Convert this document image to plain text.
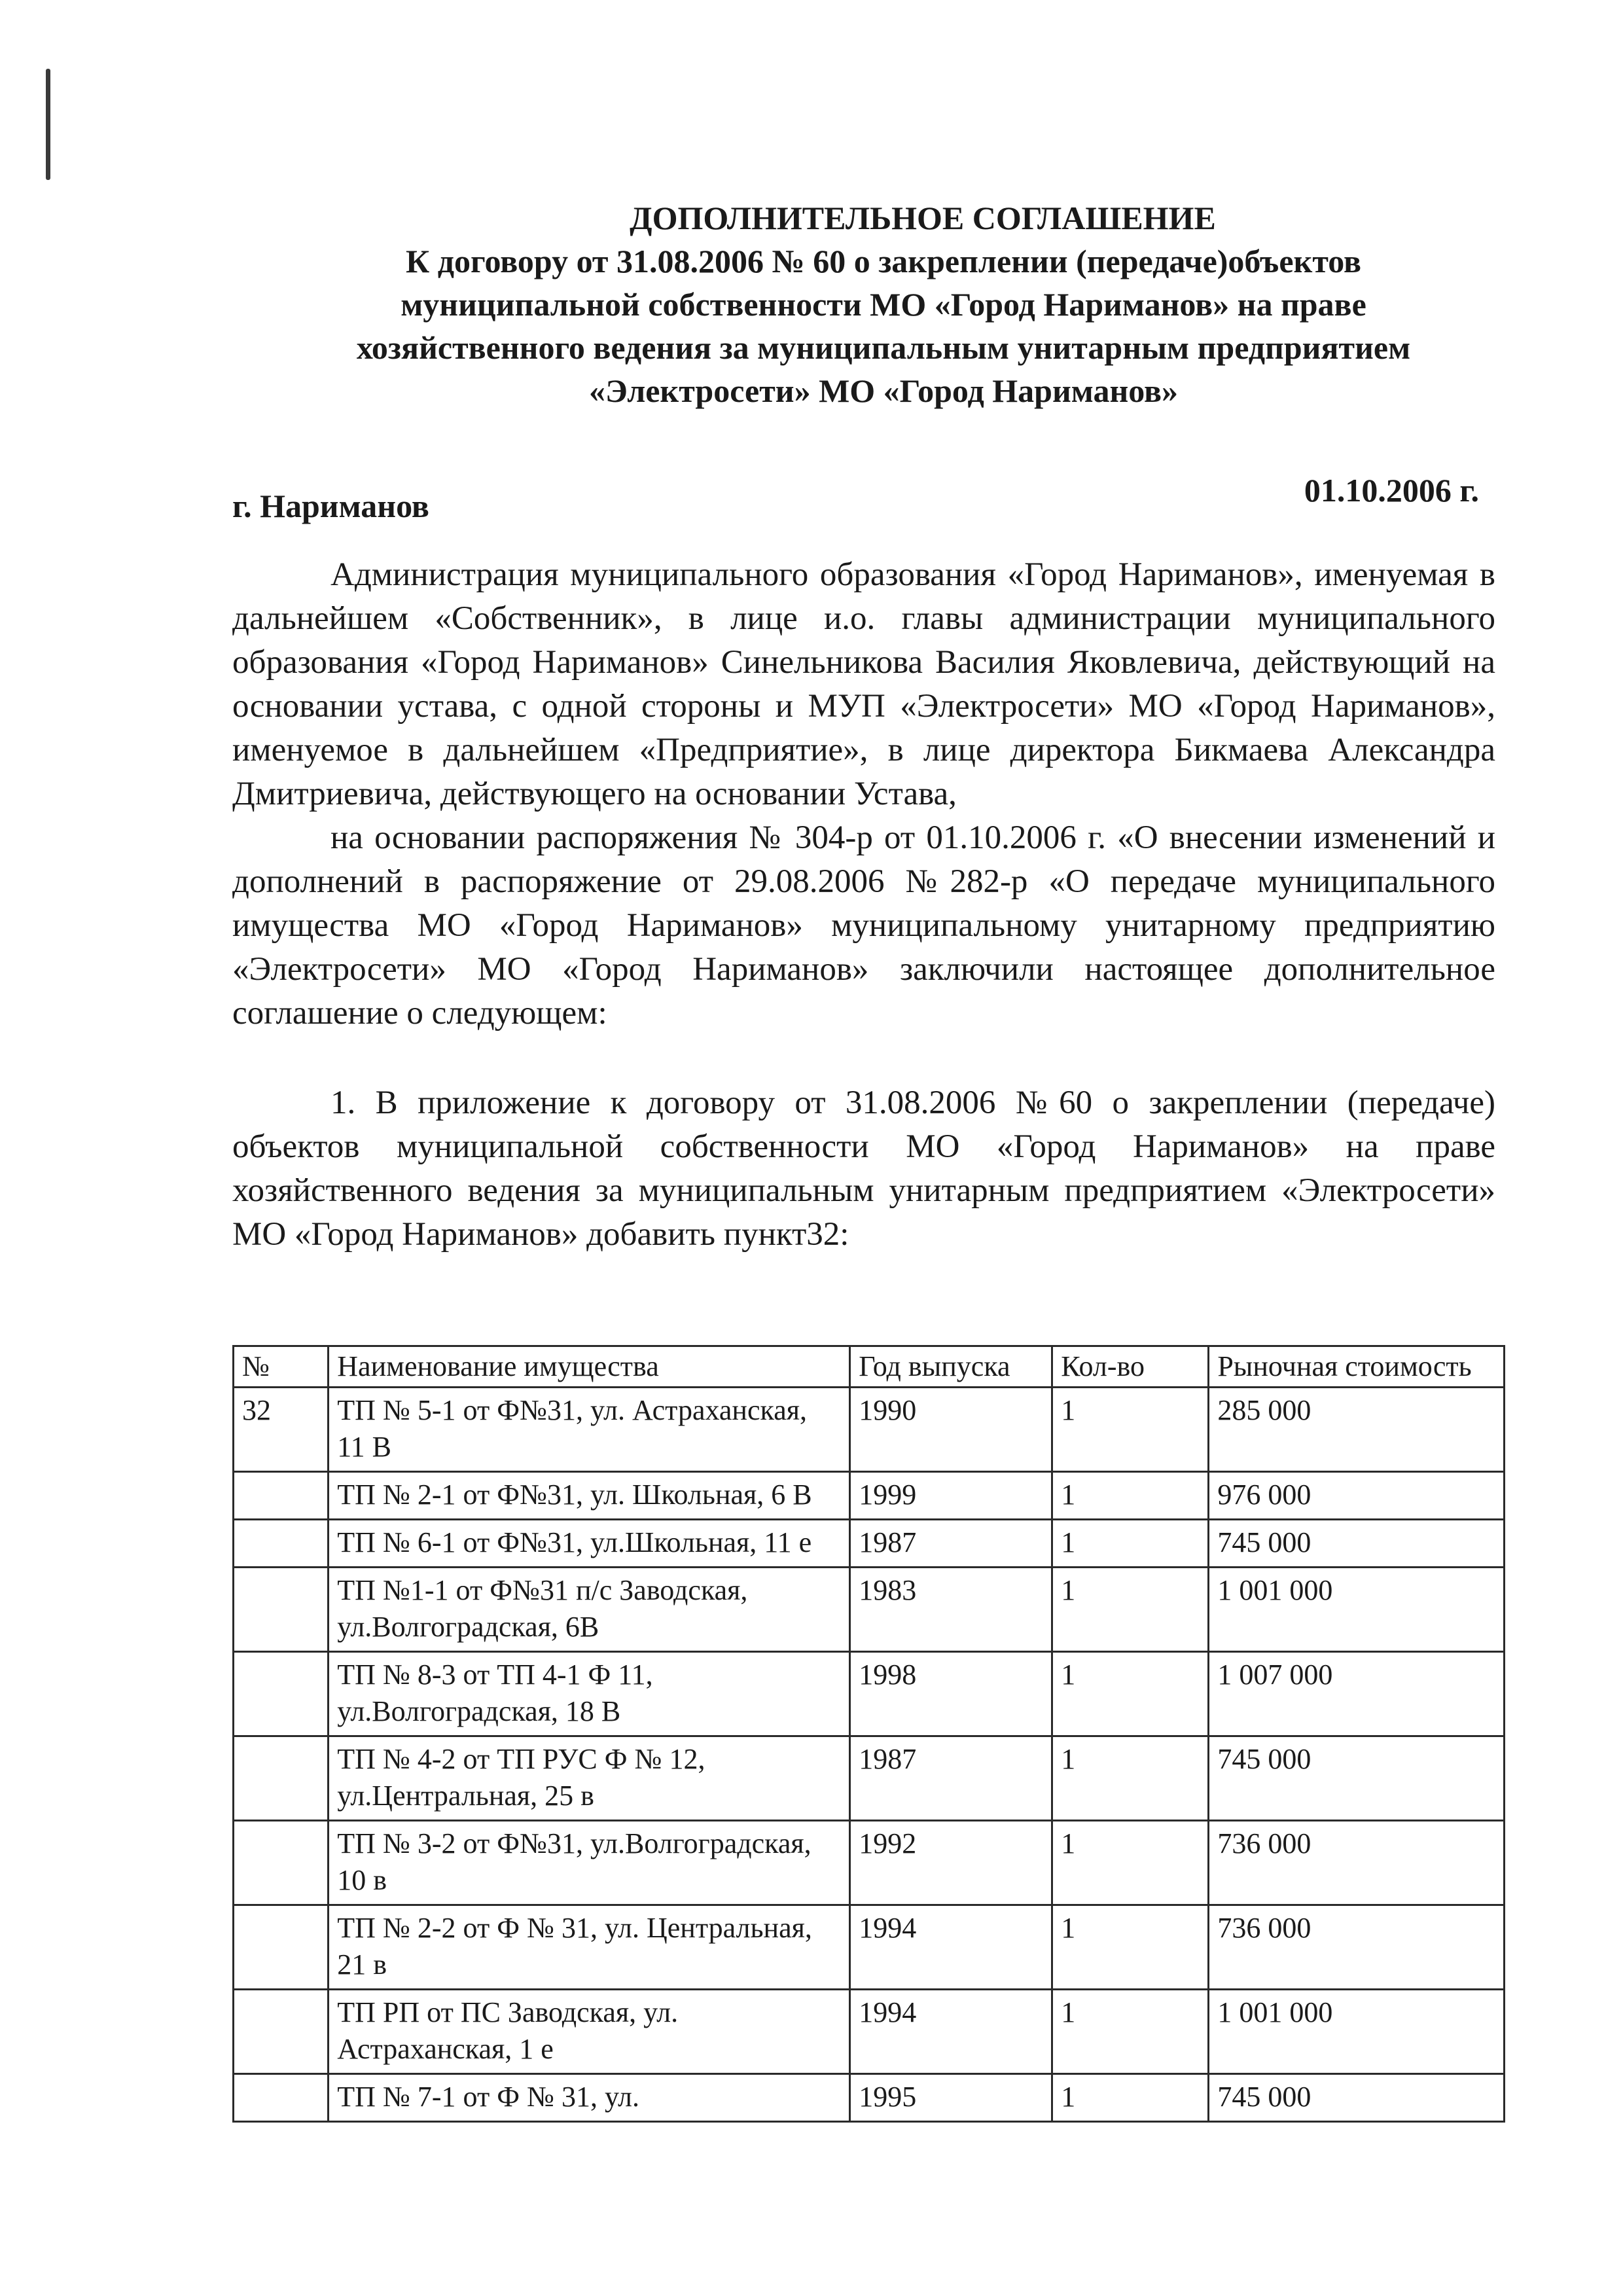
ДОПОЛНИТЕЛЬНОЕ СОГЛАШЕНИЕ
К договору от 31.08.2006 № 60 о закреплении (передаче)объектов
муниципальной собственности МО «Город Нариманов» на праве
хозяйственного ведения за муниципальным унитарным предприятием
«Электросети» МО «Город Нариманов»
г. Нариманов	01.10.2006 г.

Администрация муниципального образования «Город Нариманов», именуемая в дальнейшем «Собственник», в лице и.о. главы администрации муниципального образования «Город Нариманов» Синельникова Василия Яковлевича, действующий на основании устава, с одной стороны и МУП «Электросети» МО «Город Нариманов», именуемое в дальнейшем «Предприятие», в лице директора Бикмаева Александра Дмитриевича, действующего на основании Устава,

на основании распоряжения № 304-р от 01.10.2006 г. «О внесении изменений и дополнений в распоряжение от 29.08.2006 №282-р «О передаче муниципального имущества МО «Город Нариманов» муниципальному унитарному предприятию «Электросети» МО «Город Нариманов» заключили настоящее дополнительное соглашение о следующем:

1. В приложение к договору от 31.08.2006 №60 о закреплении (передаче) объектов муниципальной собственности МО «Город Нариманов» на праве хозяйственного ведения за муниципальным унитарным предприятием «Электросети» МО «Город Нариманов» добавить пункт32:

№	Наименование имущества	Год выпуска	Кол-во	Рыночная стоимость
32	ТП № 5-1 от Ф№31, ул. Астраханская, 11 В	1990	1	285 000
	ТП № 2-1 от Ф№31, ул. Школьная, 6 В	1999	1	976 000
	ТП № 6-1 от Ф№31, ул.Школьная, 11 е	1987	1	745 000
	ТП №1-1 от Ф№31 п/с Заводская, ул.Волгоградская, 6В	1983	1	1 001 000
	ТП № 8-3 от ТП 4-1 Ф 11, ул.Волгоградская, 18 В	1998	1	1 007 000
	ТП № 4-2 от ТП РУС Ф № 12, ул.Центральная, 25 в	1987	1	745 000
	ТП № 3-2 от Ф№31, ул.Волгоградская, 10 в	1992	1	736 000
	ТП № 2-2 от Ф № 31, ул. Центральная, 21 в	1994	1	736 000
	ТП РП от ПС Заводская, ул. Астраханская, 1 е	1994	1	1 001 000
	ТП № 7-1 от Ф № 31, ул.	1995	1	745 000
